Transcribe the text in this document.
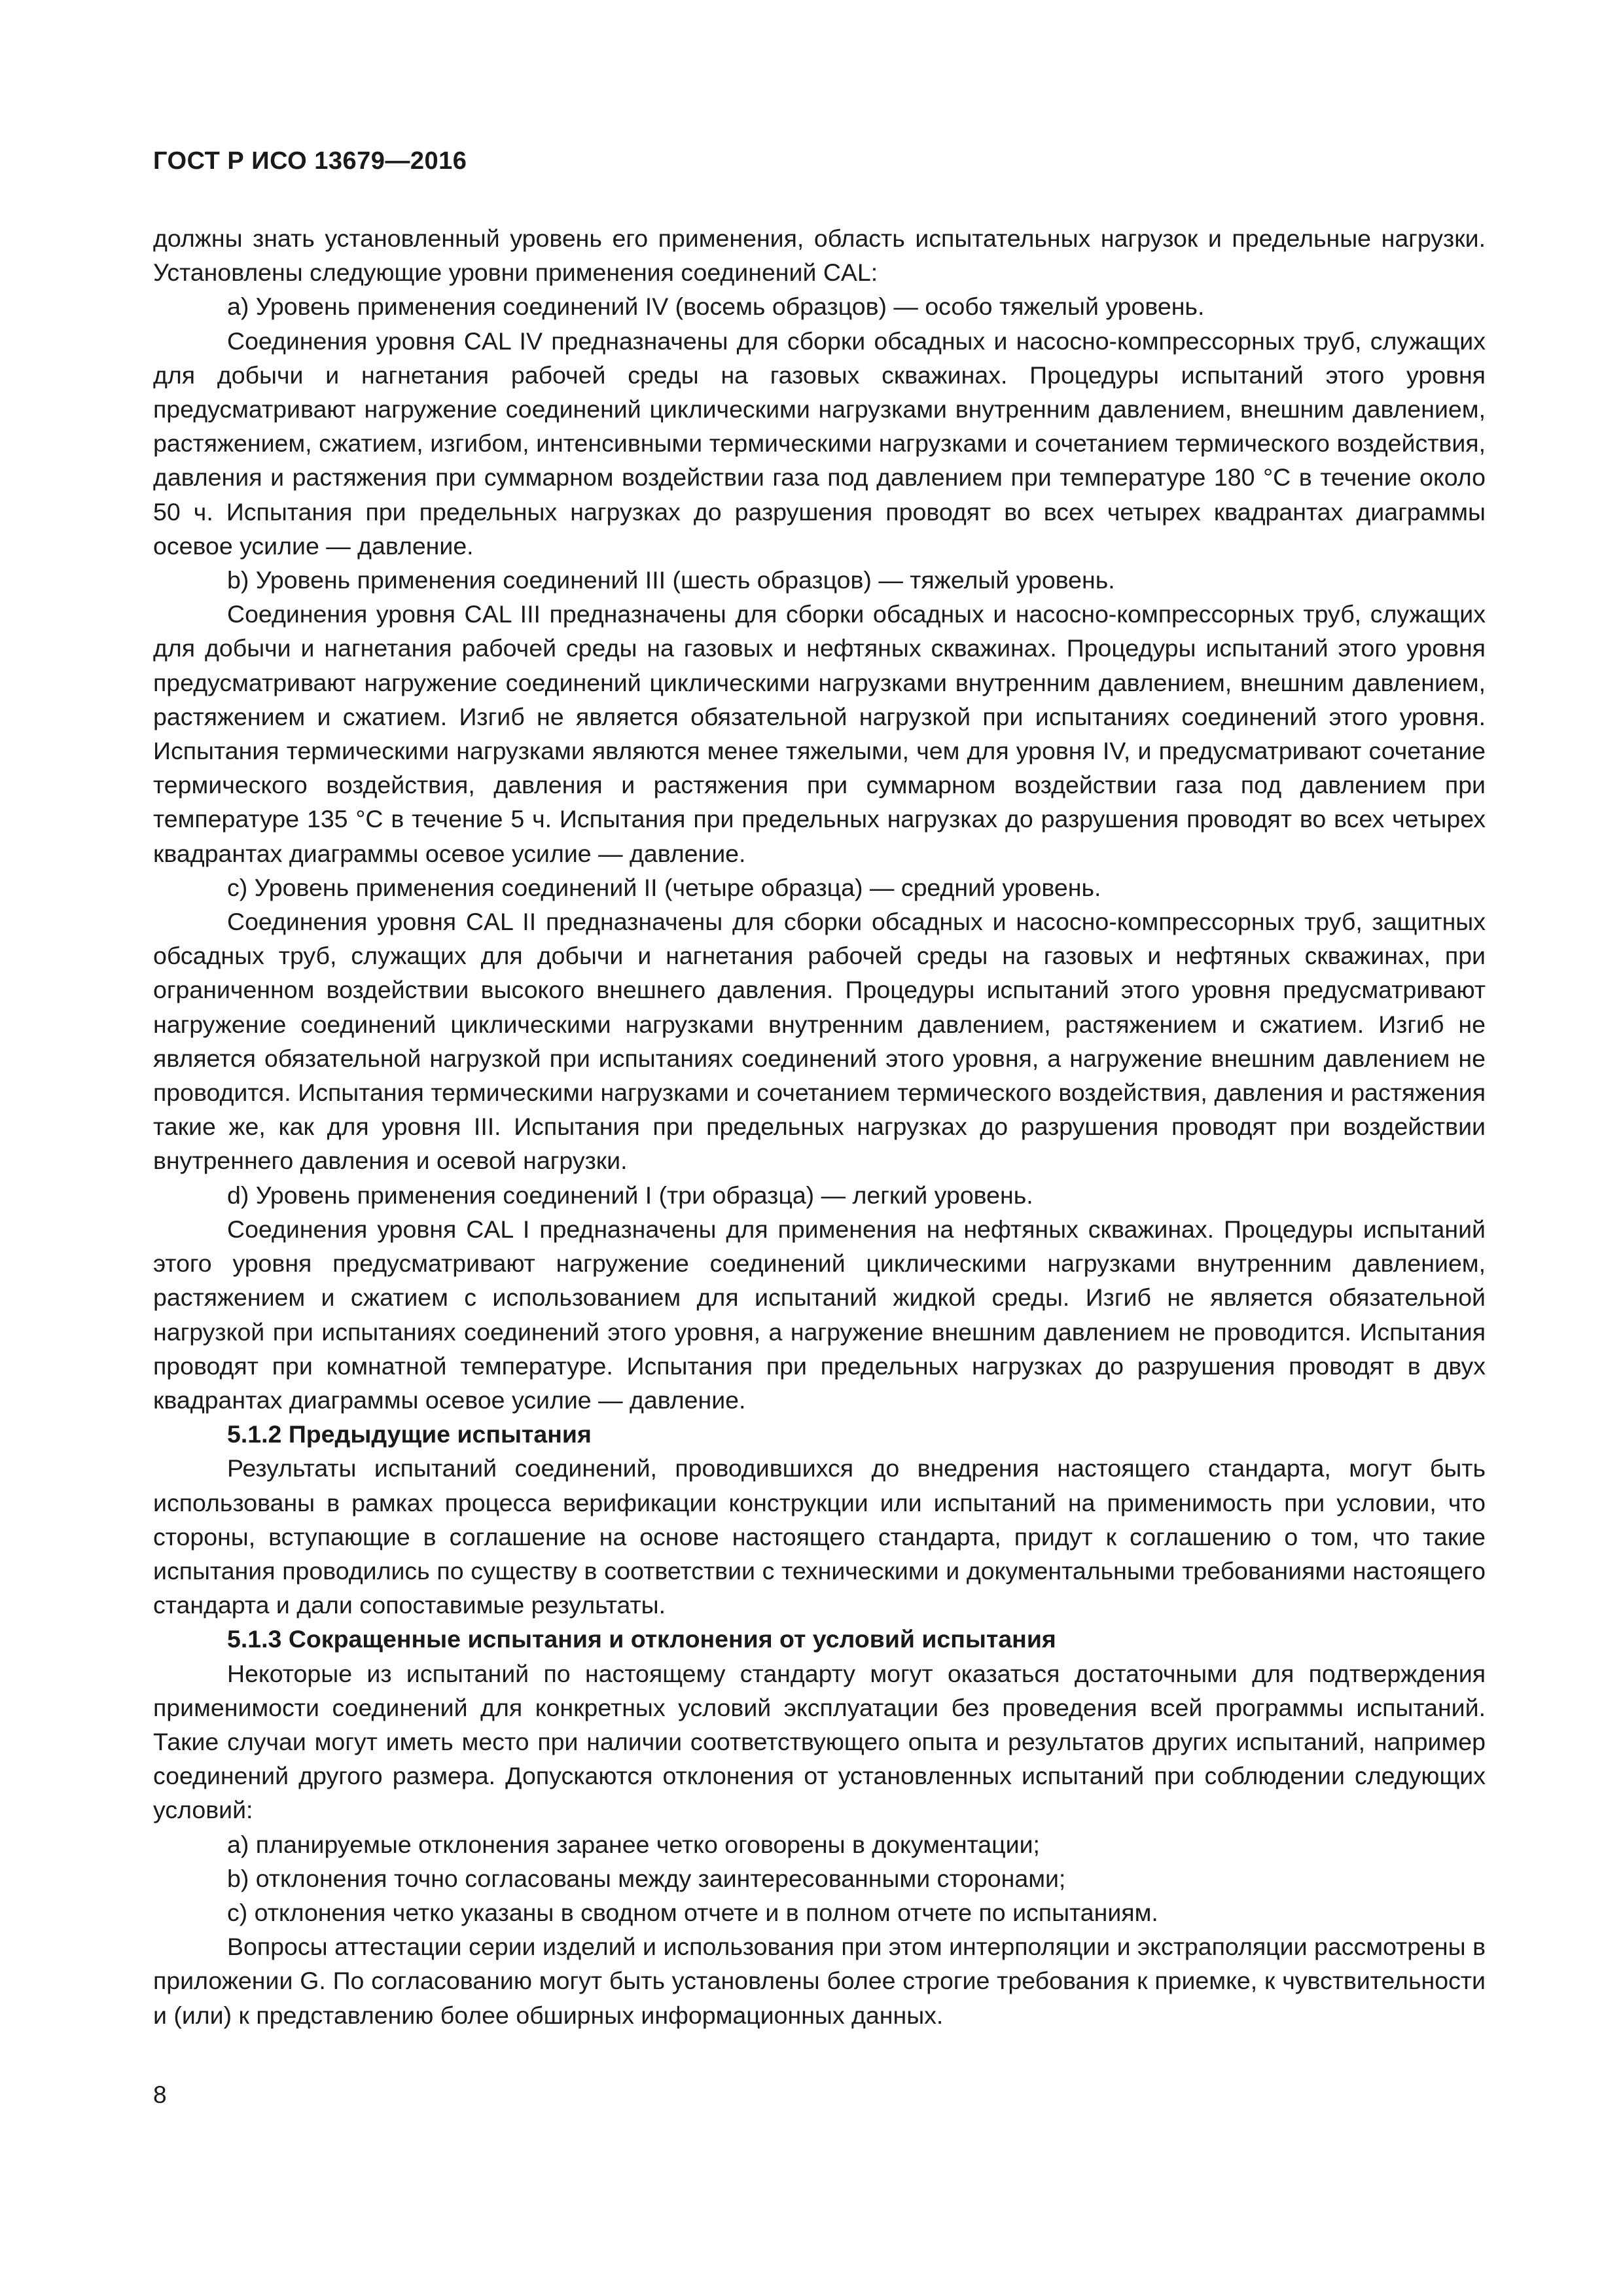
ГОСТ Р ИСО 13679—2016

должны знать установленный уровень его применения, область испытательных нагрузок и предельные нагрузки. Установлены следующие уровни применения соединений CAL:

а) Уровень применения соединений IV (восемь образцов) — особо тяжелый уровень.

Соединения уровня CAL IV предназначены для сборки обсадных и насосно-компрессорных труб, служащих для добычи и нагнетания рабочей среды на газовых скважинах. Процедуры испытаний этого уровня предусматривают нагружение соединений циклическими нагрузками внутренним давлением, внешним давлением, растяжением, сжатием, изгибом, интенсивными термическими нагрузками и сочетанием термического воздействия, давления и растяжения при суммарном воздействии газа под давлением при температуре 180 °С в течение около 50 ч. Испытания при предельных нагрузках до разрушения проводят во всех четырех квадрантах диаграммы осевое усилие — давление.

b) Уровень применения соединений III (шесть образцов) — тяжелый уровень.

Соединения уровня CAL III предназначены для сборки обсадных и насосно-компрессорных труб, служащих для добычи и нагнетания рабочей среды на газовых и нефтяных скважинах. Процедуры испытаний этого уровня предусматривают нагружение соединений циклическими нагрузками внутренним давлением, внешним давлением, растяжением и сжатием. Изгиб не является обязательной нагрузкой при испытаниях соединений этого уровня. Испытания термическими нагрузками являются менее тяжелыми, чем для уровня IV, и предусматривают сочетание термического воздействия, давления и растяжения при суммарном воздействии газа под давлением при температуре 135 °С в течение 5 ч. Испытания при предельных нагрузках до разрушения проводят во всех четырех квадрантах диаграммы осевое усилие — давление.

с) Уровень применения соединений II (четыре образца) — средний уровень.

Соединения уровня CAL II предназначены для сборки обсадных и насосно-компрессорных труб, защитных обсадных труб, служащих для добычи и нагнетания рабочей среды на газовых и нефтяных скважинах, при ограниченном воздействии высокого внешнего давления. Процедуры испытаний этого уровня предусматривают нагружение соединений циклическими нагрузками внутренним давлением, растяжением и сжатием. Изгиб не является обязательной нагрузкой при испытаниях соединений этого уровня, а нагружение внешним давлением не проводится. Испытания термическими нагрузками и сочетанием термического воздействия, давления и растяжения такие же, как для уровня III. Испытания при предельных нагрузках до разрушения проводят при воздействии внутреннего давления и осевой нагрузки.

d) Уровень применения соединений I (три образца) — легкий уровень.

Соединения уровня CAL I предназначены для применения на нефтяных скважинах. Процедуры испытаний этого уровня предусматривают нагружение соединений циклическими нагрузками внутренним давлением, растяжением и сжатием с использованием для испытаний жидкой среды. Изгиб не является обязательной нагрузкой при испытаниях соединений этого уровня, а нагружение внешним давлением не проводится. Испытания проводят при комнатной температуре. Испытания при предельных нагрузках до разрушения проводят в двух квадрантах диаграммы осевое усилие — давление.

5.1.2 Предыдущие испытания

Результаты испытаний соединений, проводившихся до внедрения настоящего стандарта, могут быть использованы в рамках процесса верификации конструкции или испытаний на применимость при условии, что стороны, вступающие в соглашение на основе настоящего стандарта, придут к соглашению о том, что такие испытания проводились по существу в соответствии с техническими и документальными требованиями настоящего стандарта и дали сопоставимые результаты.

5.1.3 Сокращенные испытания и отклонения от условий испытания

Некоторые из испытаний по настоящему стандарту могут оказаться достаточными для подтверждения применимости соединений для конкретных условий эксплуатации без проведения всей программы испытаний. Такие случаи могут иметь место при наличии соответствующего опыта и результатов других испытаний, например соединений другого размера. Допускаются отклонения от установленных испытаний при соблюдении следующих условий:

а) планируемые отклонения заранее четко оговорены в документации;

b) отклонения точно согласованы между заинтересованными сторонами;

с) отклонения четко указаны в сводном отчете и в полном отчете по испытаниям.

Вопросы аттестации серии изделий и использования при этом интерполяции и экстраполяции рассмотрены в приложении G. По согласованию могут быть установлены более строгие требования к приемке, к чувствительности и (или) к представлению более обширных информационных данных.

8
